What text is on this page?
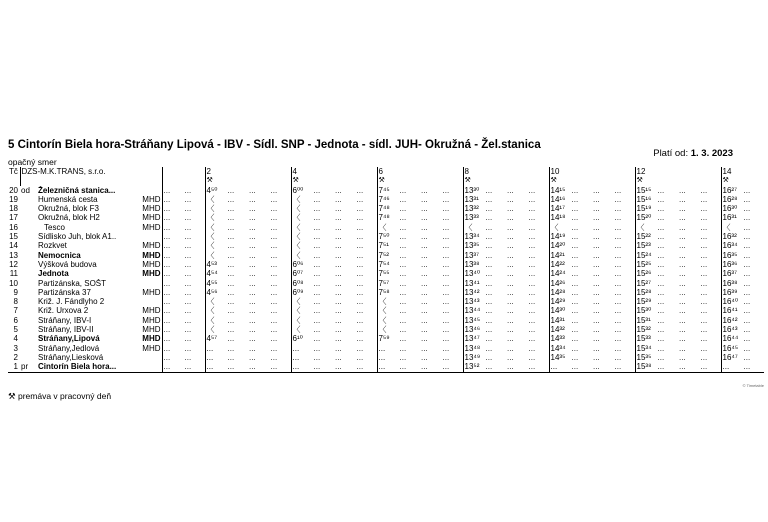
5 Cintorín Biela hora-Stráňany Lipová - IBV - Sídl. SNP - Jednota - sídl. JUH- Okružná - Žel.stanica
Platí od: 1. 3. 2023
opačný smer
Tč	DZS-M.K.TRANS, s.r.o.				2				4				6				8				10				12				14	
					⚒				⚒				⚒				⚒				⚒				⚒				⚒	
20	od	Železničná stanica...	...	...	4⁵⁰	...	...	...	6⁰⁰	...	...	...	7⁴⁵	...	...	...	13³⁰	...	...	...	14¹⁵	...	...	...	15¹⁵	...	...	...	16²⁷	...
19		Humenská cesta MHD	...	...	〈	...	...	...	〈	...	...	...	7⁴⁶	...	...	...	13³¹	...	...	...	14¹⁶	...	...	...	15¹⁶	...	...	...	16²⁸	...
18		Okružná, blok F3 MHD	...	...	〈	...	...	...	〈	...	...	...	7⁴⁸	...	...	...	13³²	...	...	...	14¹⁷	...	...	...	15¹⁹	...	...	...	16³⁰	...
17		Okružná, blok H2 MHD	...	...	〈	...	...	...	〈	...	...	...	7⁴⁸	...	...	...	13³³	...	...	...	14¹⁸	...	...	...	15²⁰	...	...	...	16³¹	...
16		Tesco MHD	...	...	〈	...	...	...	〈	...	...	...	〈	...	...	...	〈	...	...	...	〈	...	...	...	〈	...	...	...	〈	...
15		Sídlisko Juh, blok A1..	...	...	〈	...	...	...	〈	...	...	...	7⁵⁰	...	...	...	13³⁴	...	...	...	14¹⁹	...	...	...	15²²	...	...	...	16³²	...
14		Rozkvet MHD	...	...	〈	...	...	...	〈	...	...	...	7⁵¹	...	...	...	13³⁵	...	...	...	14²⁰	...	...	...	15²³	...	...	...	16³⁴	...
13		Nemocnica MHD	...	...	〈	...	...	...	〈	...	...	...	7⁵²	...	...	...	13³⁷	...	...	...	14²¹	...	...	...	15²⁴	...	...	...	16³⁵	...
12		Výšková budova MHD	...	...	4⁵³	...	...	...	6⁰⁶	...	...	...	7⁵⁴	...	...	...	13³⁸	...	...	...	14²²	...	...	...	15²⁵	...	...	...	16³⁶	...
11		Jednota MHD	...	...	4⁵⁴	...	...	...	6⁰⁷	...	...	...	7⁵⁵	...	...	...	13⁴⁰	...	...	...	14²⁴	...	...	...	15²⁶	...	...	...	16³⁷	...
10		Partizánska, SOŠT	...	...	4⁵⁵	...	...	...	6⁰⁸	...	...	...	7⁵⁷	...	...	...	13⁴¹	...	...	...	14²⁶	...	...	...	15²⁷	...	...	...	16³⁸	...
9		Partizánska 37 MHD	...	...	4⁵⁶	...	...	...	6⁰⁹	...	...	...	7⁵⁸	...	...	...	13⁴²	...	...	...	14²⁸	...	...	...	15²⁸	...	...	...	16³⁹	...
8		Križ. J. Fándlyho 2	...	...	〈	...	...	...	〈	...	...	...	〈	...	...	...	13⁴³	...	...	...	14²⁹	...	...	...	15²⁹	...	...	...	16⁴⁰	...
7		Križ. Urxova 2 MHD	...	...	〈	...	...	...	〈	...	...	...	〈	...	...	...	13⁴⁴	...	...	...	14³⁰	...	...	...	15³⁰	...	...	...	16⁴¹	...
6		Stráňany, IBV-I MHD	...	...	〈	...	...	...	〈	...	...	...	〈	...	...	...	13⁴⁵	...	...	...	14³¹	...	...	...	15³¹	...	...	...	16⁴²	...
5		Stráňany, IBV-II MHD	...	...	〈	...	...	...	〈	...	...	...	〈	...	...	...	13⁴⁶	...	...	...	14³²	...	...	...	15³²	...	...	...	16⁴³	...
4		Stráňany,Lipová MHD	...	...	4⁵⁷	...	...	...	6¹⁰	...	...	...	7⁵⁹	...	...	...	13⁴⁷	...	...	...	14³³	...	...	...	15³³	...	...	...	16⁴⁴	...
3		Stráňany,Jedlová MHD	...	...	...	...	...	...	...	...	...	...	...	...	...	...	13⁴⁸	...	...	...	14³⁴	...	...	...	15³⁴	...	...	...	16⁴⁵	...
2		Stráňany,Liesková	...	...	...	...	...	...	...	...	...	...	...	...	...	...	13⁴⁹	...	...	...	14³⁵	...	...	...	15³⁵	...	...	...	16⁴⁷	...
1	pr	Cintorín Biela hora...	...	...	...	...	...	...	...	...	...	...	...	...	...	...	13⁵²	...	...	...	...	...	...	...	15³⁸	...	...	...	...	...
© Timetable
⚒ premáva v pracovný deň
